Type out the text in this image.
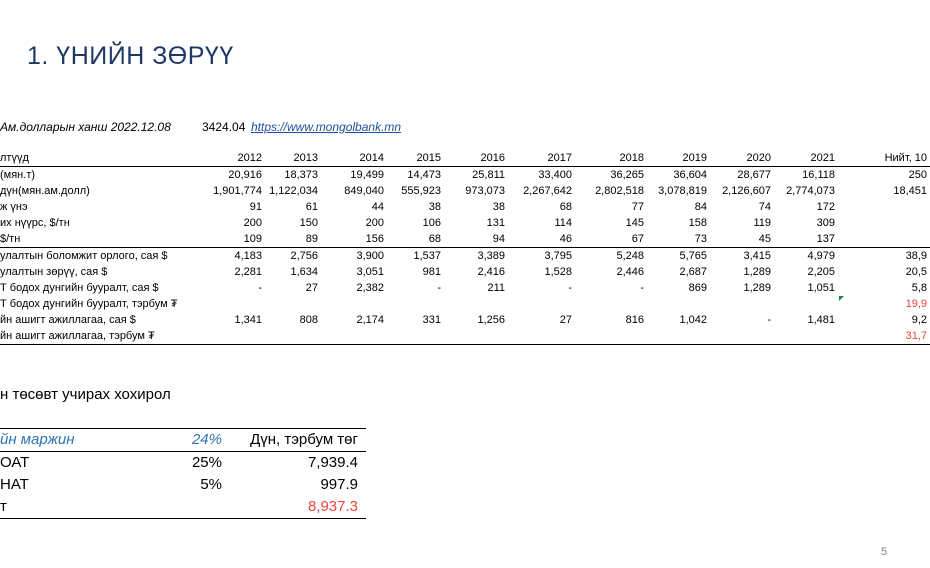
1. ҮНИЙН ЗӨРҮҮ
Ам.долларын ханш 2022.12.08	3424.04 https://www.mongolbank.mn
лтүүд	2012	2013	2014	2015	2016	2017	2018	2019	2020	2021	Нийт, 10
(мян.т)	20,916	18,373	19,499	14,473	25,811	33,400	36,265	36,604	28,677	16,118	250
дүн(мян.ам.долл)	1,901,774	1,122,034	849,040	555,923	973,073	2,267,642	2,802,518	3,078,819	2,126,607	2,774,073	18,451
ж үнэ	91	61	44	38	38	68	77	84	74	172	
их нүүрс, $/тн	200	150	200	106	131	114	145	158	119	309	
$/тн	109	89	156	68	94	46	67	73	45	137	
улалтын боломжит орлого, сая $	4,183	2,756	3,900	1,537	3,389	3,795	5,248	5,765	3,415	4,979	38,9
улалтын зөрүү, сая $	2,281	1,634	3,051	981	2,416	1,528	2,446	2,687	1,289	2,205	20,5
Т бодох дунгийн бууралт, сая $	-	27	2,382	-	211	-	-	869	1,289	1,051	5,8
Т бодох дунгийн бууралт, тэрбум ₮											19,9
йн ашигт ажиллагаа, сая $	1,341	808	2,174	331	1,256	27	816	1,042	-	1,481	9,2
йн ашигт ажиллагаа, тэрбум ₮											31,7
н төсөвт учирах хохирол
йн маржин	24%	Дүн, тэрбум төг
ОАТ	25%	7,939.4
НАТ	5%	997.9
т		8,937.3
5
